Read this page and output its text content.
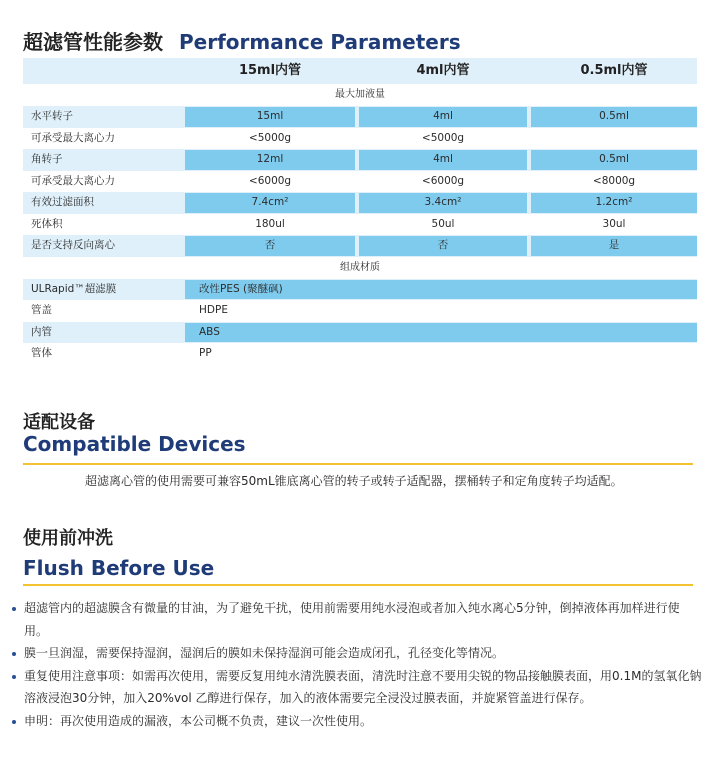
超滤管性能参数 Performance Parameters
15ml内管	4ml内管	0.5ml内管
最大加液量
水平转子	15ml	4ml	0.5ml
可承受最大离心力	<5000g	<5000g
角转子	12ml	4ml	0.5ml
可承受最大离心力	<6000g	<6000g	<8000g
有效过滤面积	7.4cm²	3.4cm²	1.2cm²
死体积	180ul	50ul	30ul
是否支持反向离心	否	否	是
组成材质
ULRapid™超滤膜	改性PES (聚醚砜)
管盖	HDPE
内管	ABS
管体	PP
适配设备
Compatible Devices
超滤离心管的使用需要可兼容50mL锥底离心管的转子或转子适配器，摆桶转子和定角度转子均适配。
使用前冲洗
Flush Before Use
超滤管内的超滤膜含有微量的甘油，为了避免干扰，使用前需要用纯水浸泡或者加入纯水离心5分钟，倒掉液体再加样进行使用。
膜一旦润湿，需要保持湿润，湿润后的膜如未保持湿润可能会造成闭孔，孔径变化等情况。
重复使用注意事项：如需再次使用，需要反复用纯水清洗膜表面，清洗时注意不要用尖锐的物品接触膜表面，用0.1M的氢氧化钠溶液浸泡30分钟，加入20%vol 乙醇进行保存，加入的液体需要完全浸没过膜表面，并旋紧管盖进行保存。
申明：再次使用造成的漏液，本公司概不负责，建议一次性使用。
